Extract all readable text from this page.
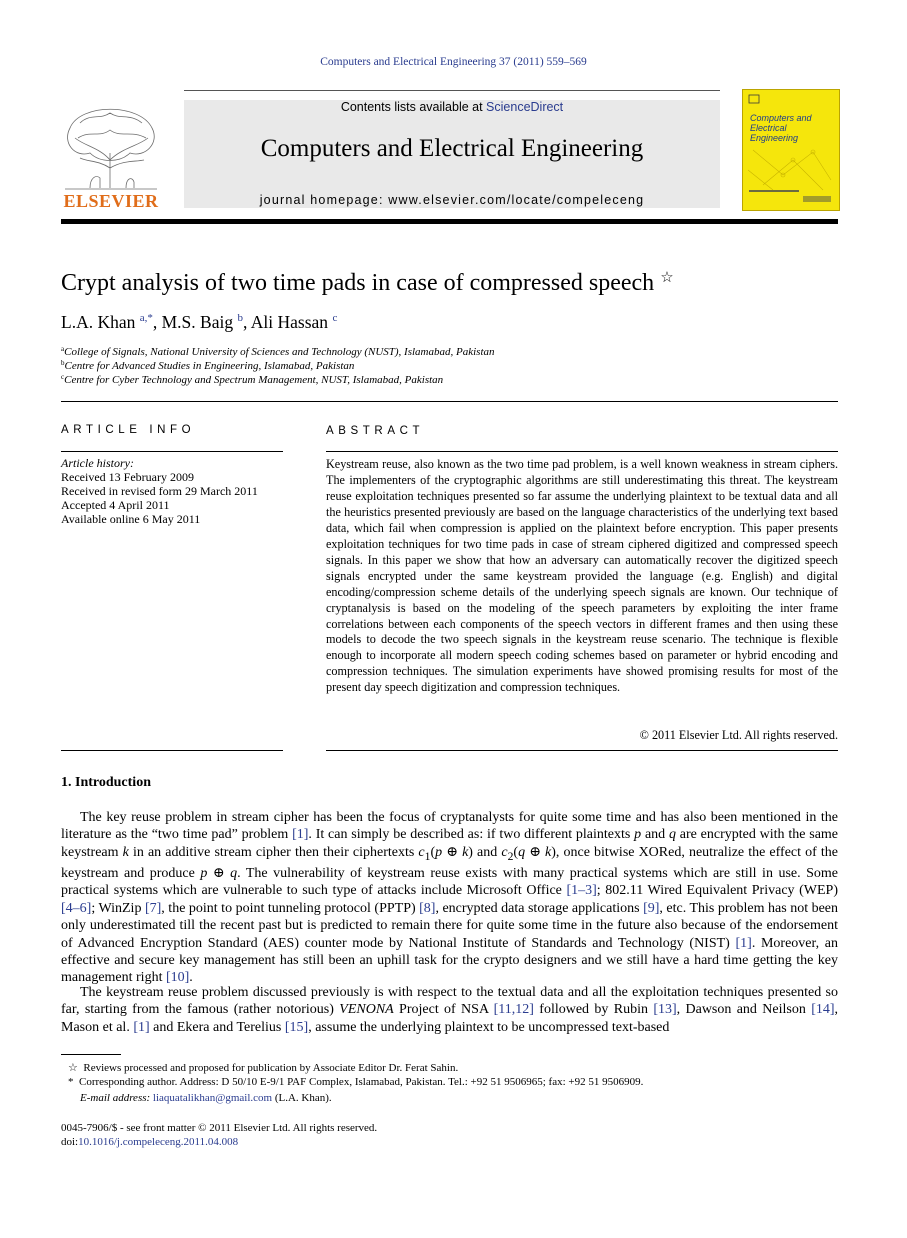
Computers and Electrical Engineering 37 (2011) 559–569
ELSEVIER
Contents lists available at ScienceDirect
Computers and Electrical Engineering
journal homepage: www.elsevier.com/locate/compeleceng
Computers and Electrical Engineering
Crypt analysis of two time pads in case of compressed speech ☆
L.A. Khan $^{a,*}$, M.S. Baig $^b$, Ali Hassan $^c$
$^a$College of Signals, National University of Sciences and Technology (NUST), Islamabad, Pakistan
$^b$Centre for Advanced Studies in Engineering, Islamabad, Pakistan
$^c$Centre for Cyber Technology and Spectrum Management, NUST, Islamabad, Pakistan
ARTICLE INFO
Article history:
Received 13 February 2009
Received in revised form 29 March 2011
Accepted 4 April 2011
Available online 6 May 2011
ABSTRACT
Keystream reuse, also known as the two time pad problem, is a well known weakness in stream ciphers. The implementers of the cryptographic algorithms are still underestimating this threat. The keystream reuse exploitation techniques presented so far assume the underlying plaintext to be textual data and all the heuristics presented previously are based on the language characteristics of the underlying text based data, which fail when compression is applied on the plaintext before encryption. This paper presents exploitation techniques for two time pads in case of stream ciphered digitized and compressed speech signals. In this paper we show that how an adversary can automatically recover the digitized speech signals encrypted under the same keystream provided the language (e.g. English) and digital encoding/compression scheme details of the underlying speech signals are known. Our technique of cryptanalysis is based on the modeling of the speech parameters by exploiting the inter frame correlations between each components of the speech vectors in different frames and then using these models to decode the two speech signals in the keystream reuse scenario. The technique is flexible enough to incorporate all modern speech coding schemes based on parameter or hybrid encoding and compression techniques. The simulation experiments have showed promising results for most of the present day speech digitization and compression techniques.
© 2011 Elsevier Ltd. All rights reserved.
1. Introduction
The key reuse problem in stream cipher has been the focus of cryptanalysts for quite some time and has also been mentioned in the literature as the “two time pad” problem [1]. It can simply be described as: if two different plaintexts p and q are encrypted with the same keystream k in an additive stream cipher then their ciphertexts $c_1(p$ ⊕ k) and $c_2(q$ ⊕ k), once bitwise XORed, neutralize the effect of the keystream and produce p ⊕ q. The vulnerability of keystream reuse exists with many practical systems which are still in use. Some practical systems which are vulnerable to such type of attacks include Microsoft Office [1–3]; 802.11 Wired Equivalent Privacy (WEP) [4–6]; WinZip [7], the point to point tunneling protocol (PPTP) [8], encrypted data storage applications [9], etc. This problem has not been only underestimated till the recent past but is predicted to remain there for quite some time in the future also because of the endorsement of Advanced Encryption Standard (AES) counter mode by National Institute of Standards and Technology (NIST) [1]. Moreover, an effective and secure key management has still been an uphill task for the crypto designers and we still have a hard time getting the key management right [10].
The keystream reuse problem discussed previously is with respect to the textual data and all the exploitation techniques presented so far, starting from the famous (rather notorious) VENONA Project of NSA [11,12] followed by Rubin [13], Dawson and Neilson [14], Mason et al. [1] and Ekera and Terelius [15], assume the underlying plaintext to be uncompressed text-based
☆  Reviews processed and proposed for publication by Associate Editor Dr. Ferat Sahin.
*  Corresponding author. Address: D 50/10 E-9/1 PAF Complex, Islamabad, Pakistan. Tel.: +92 51 9506965; fax: +92 51 9506909.
E-mail address: liaquatalikhan@gmail.com (L.A. Khan).
0045-7906/$ - see front matter © 2011 Elsevier Ltd. All rights reserved.
doi:10.1016/j.compeleceng.2011.04.008
